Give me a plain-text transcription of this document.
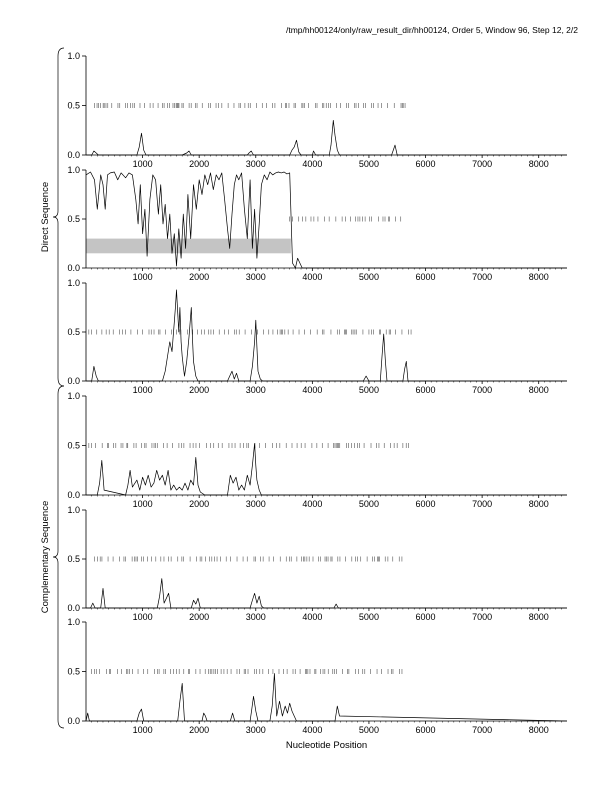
/tmp/hh00124/only/raw_result_dir/hh00124, Order 5, Window 96, Step 12, 2/2
0.0
0.5
1.0
1000	2000	3000	4000	5000	6000	7000	8000
0.0
0.5
1.0
1000	2000	3000	4000	5000	6000	7000	8000
0.0
0.5
1.0
1000	2000	3000	4000	5000	6000	7000	8000
0.0
0.5
1.0
1000	2000	3000	4000	5000	6000	7000	8000
0.0
0.5
1.0
1000	2000	3000	4000	5000	6000	7000	8000
0.0
0.5
1.0
1000	2000	3000	4000	5000	6000	7000	8000
Direct Sequence
Complementary Sequence
Nucleotide Position
